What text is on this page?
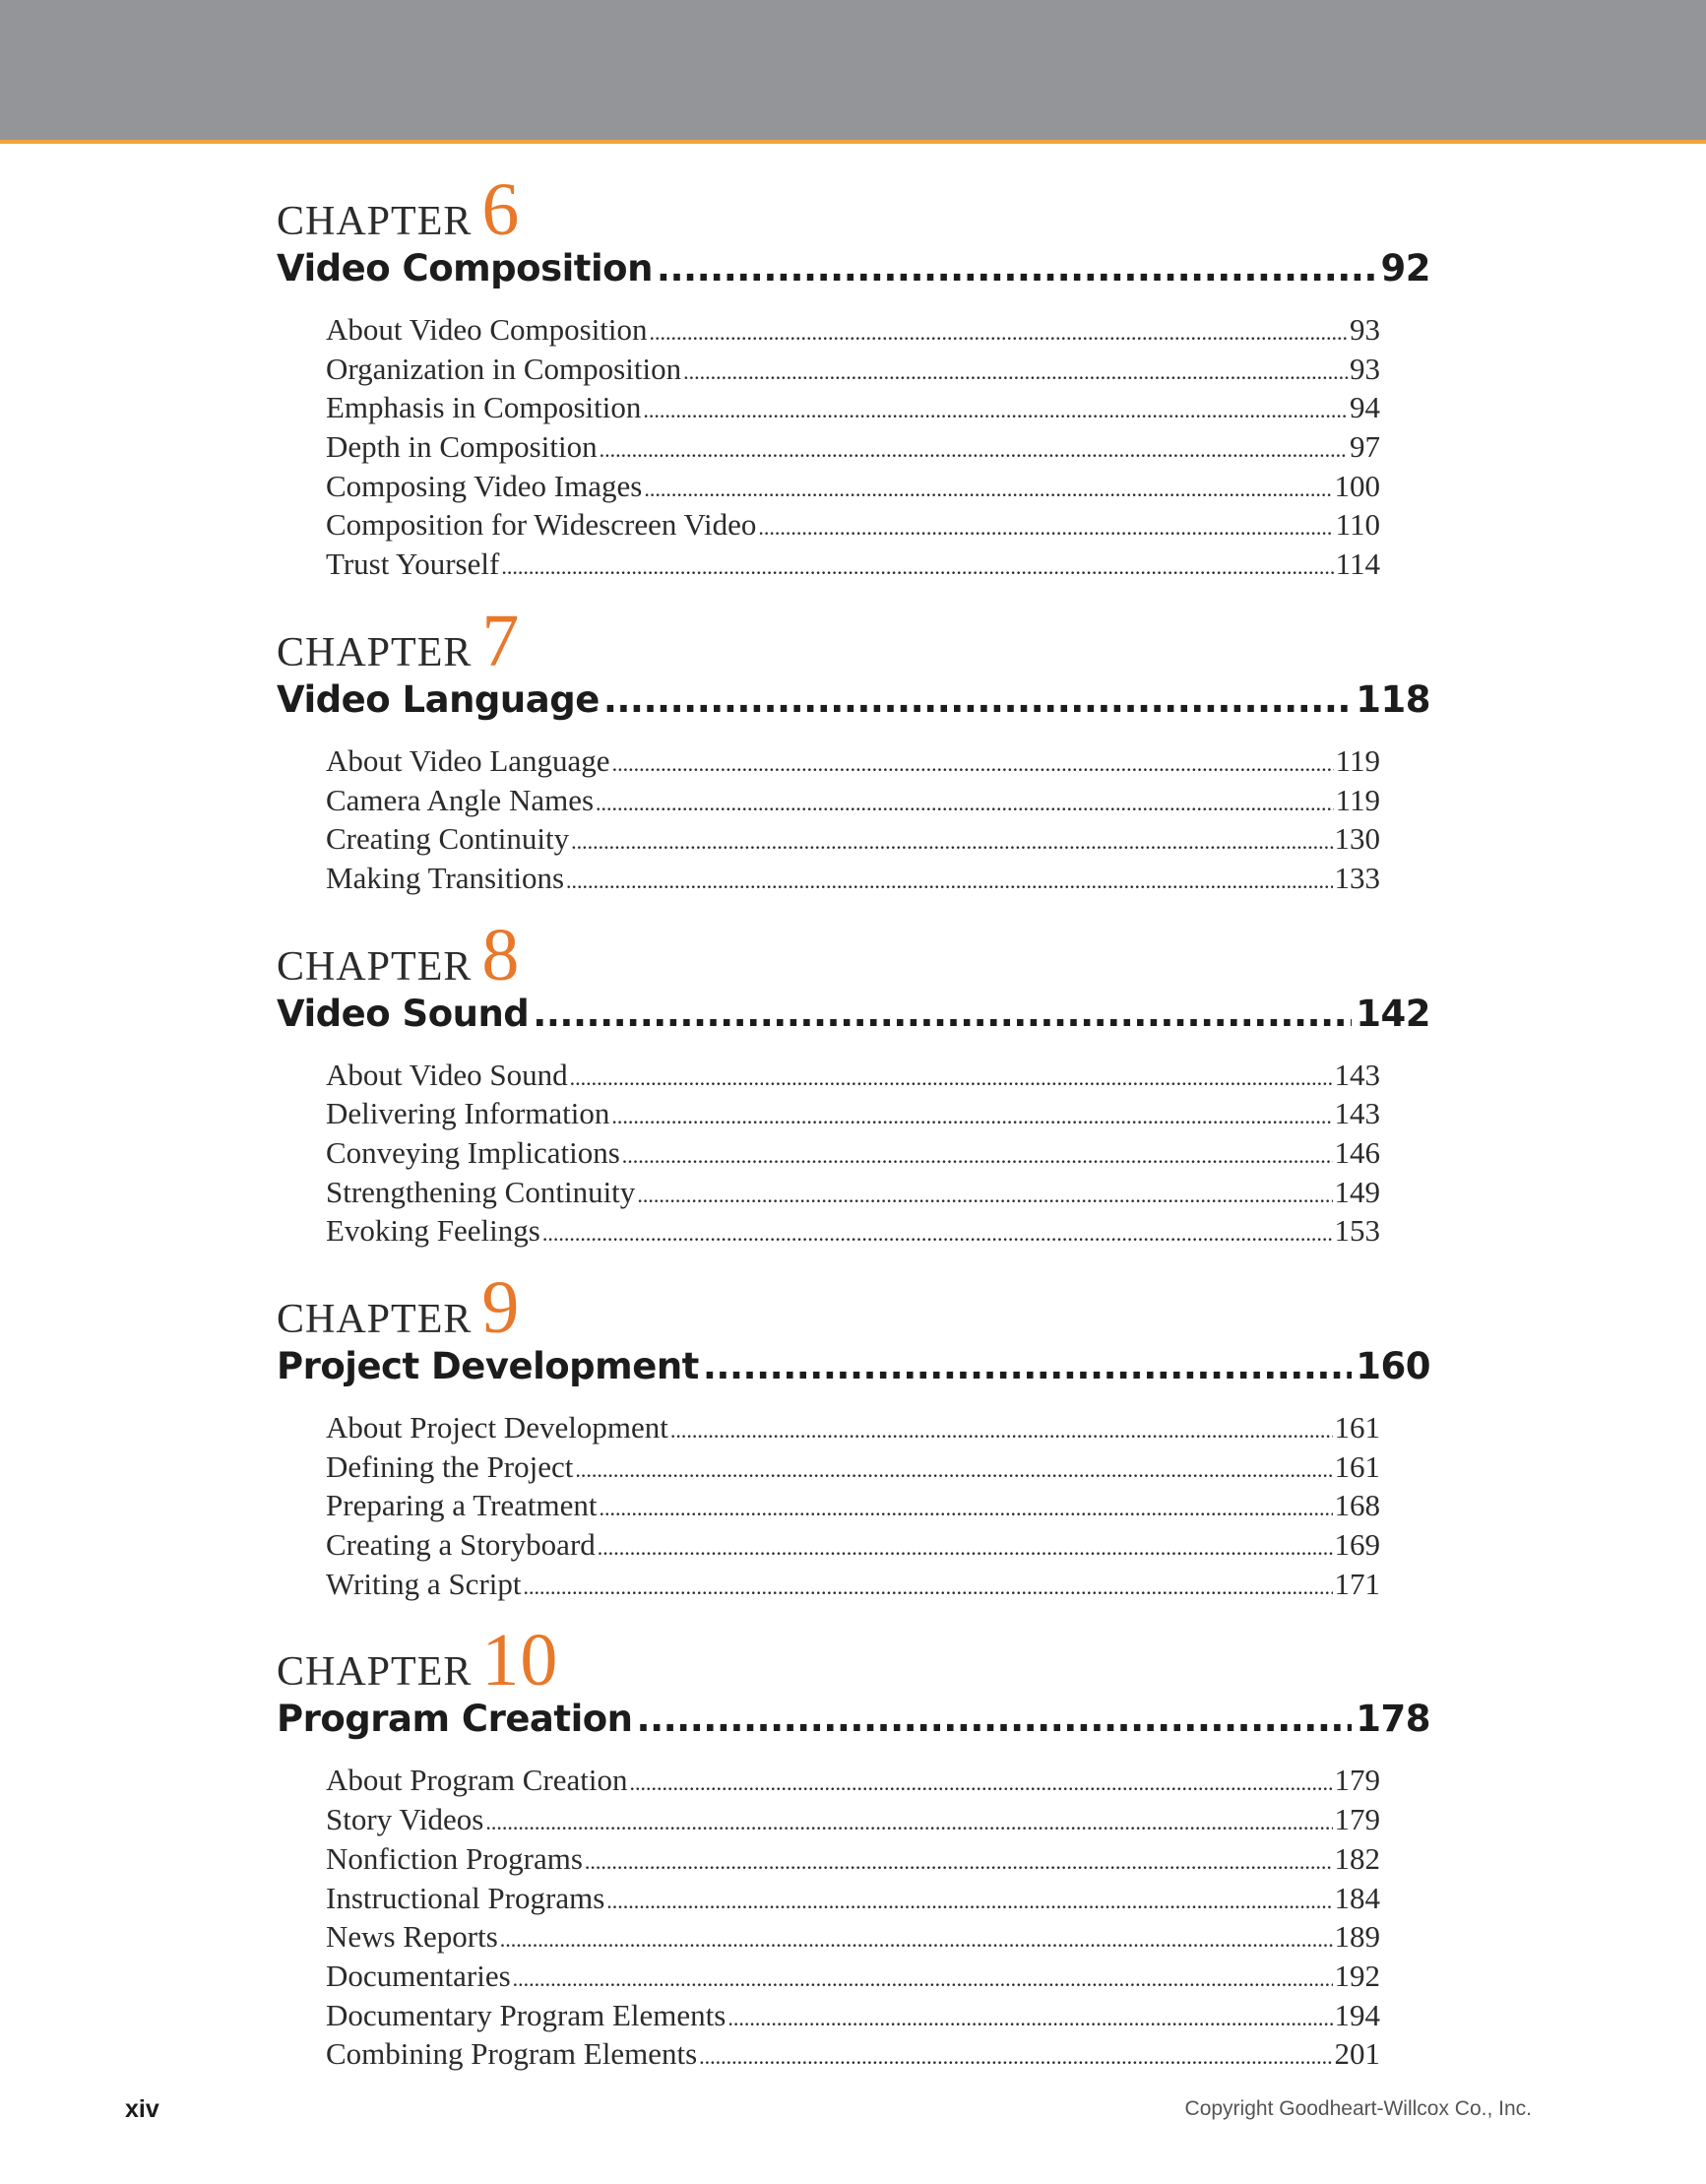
CHAPTER 6
Video Composition .....	92
About Video Composition .....	93
Organization in Composition .....	93
Emphasis in Composition .....	94
Depth in Composition .....	97
Composing Video Images .....	100
Composition for Widescreen Video .....	110
Trust Yourself .....	114
CHAPTER 7
Video Language .....	118
About Video Language .....	119
Camera Angle Names .....	119
Creating Continuity .....	130
Making Transitions .....	133
CHAPTER 8
Video Sound .....	142
About Video Sound .....	143
Delivering Information .....	143
Conveying Implications .....	146
Strengthening Continuity .....	149
Evoking Feelings .....	153
CHAPTER 9
Project Development .....	160
About Project Development .....	161
Defining the Project .....	161
Preparing a Treatment .....	168
Creating a Storyboard .....	169
Writing a Script .....	171
CHAPTER 10
Program Creation .....	178
About Program Creation .....	179
Story Videos .....	179
Nonfiction Programs .....	182
Instructional Programs .....	184
News Reports .....	189
Documentaries .....	192
Documentary Program Elements .....	194
Combining Program Elements .....	201
xiv	Copyright Goodheart-Willcox Co., Inc.
